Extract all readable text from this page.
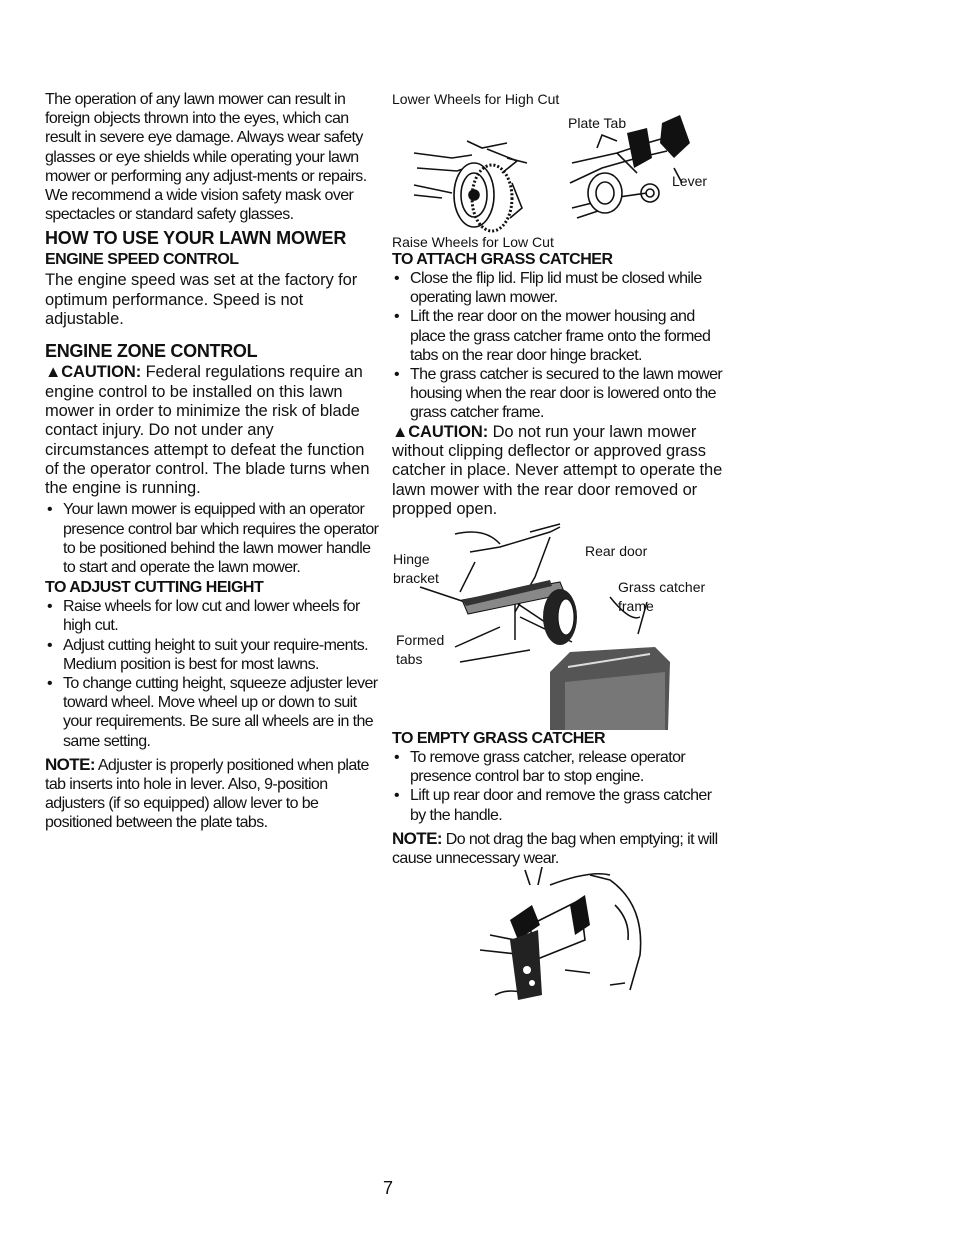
The operation of any lawn mower can result in foreign objects thrown into the eyes, which can result in severe eye damage. Always wear safety glasses or eye shields while operating your lawn mower or performing any adjust-ments or repairs. We recommend a wide vision safety mask over spectacles or standard safety glasses.

HOW TO USE YOUR LAWN MOWER

ENGINE SPEED CONTROL

The engine speed was set at the factory for optimum performance. Speed is not adjustable.

ENGINE ZONE CONTROL

▲CAUTION: Federal regulations require an engine control to be installed on this lawn mower in order to minimize the risk of blade contact injury. Do not under any circumstances attempt to defeat the function of the operator control. The blade turns when the engine is running.

• Your lawn mower is equipped with an operator presence control bar which requires the operator to be positioned behind the lawn mower handle to start and operate the lawn mower.

TO ADJUST CUTTING HEIGHT

• Raise wheels for low cut and lower wheels for high cut.
• Adjust cutting height to suit your require-ments. Medium position is best for most lawns.
• To change cutting height, squeeze adjuster lever toward wheel. Move wheel up or down to suit your requirements. Be sure all wheels are in the same setting.

NOTE: Adjuster is properly positioned when plate tab inserts into hole in lever. Also, 9-position adjusters (if so equipped) allow lever to be positioned between the plate tabs.

Lower Wheels for High Cut
Plate Tab
Lever
Raise Wheels for Low Cut

TO ATTACH GRASS CATCHER

• Close the flip lid. Flip lid must be closed while operating lawn mower.
• Lift the rear door on the mower housing and place the grass catcher frame onto the formed tabs on the rear door hinge bracket.
• The grass catcher is secured to the lawn mower housing when the rear door is lowered onto the grass catcher frame.

▲CAUTION: Do not run your lawn mower without clipping deflector or approved grass catcher in place. Never attempt to operate the lawn mower with the rear door removed or propped open.

Hinge
bracket
Rear door
Grass catcher
frame
Formed
tabs

TO EMPTY GRASS CATCHER

• To remove grass catcher, release operator presence control bar to stop engine.
• Lift up rear door and remove the grass catcher by the handle.

NOTE: Do not drag the bag when emptying; it will cause unnecessary wear.

7
